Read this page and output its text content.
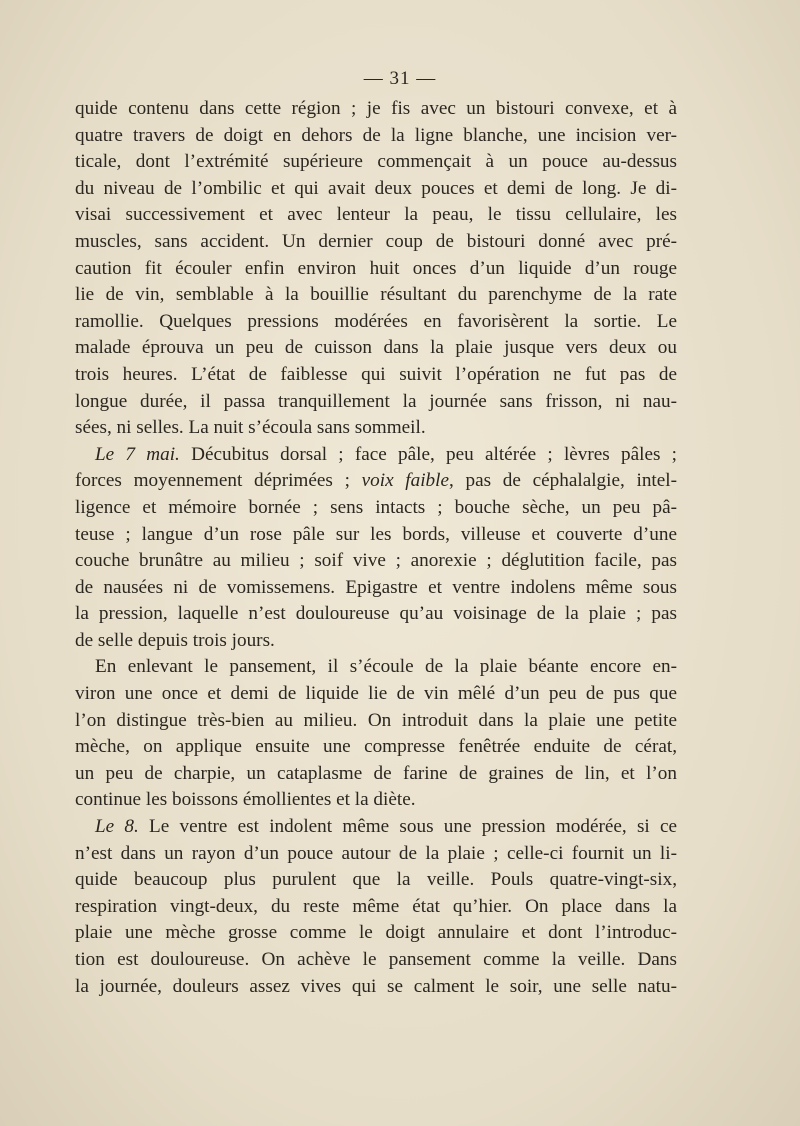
— 31 —
quide contenu dans cette région ; je fis avec un bistouri convexe, et à
quatre travers de doigt en dehors de la ligne blanche, une incision ver-
ticale, dont l’extrémité supérieure commençait à un pouce au-dessus
du niveau de l’ombilic et qui avait deux pouces et demi de long. Je di-
visai successivement et avec lenteur la peau, le tissu cellulaire, les
muscles, sans accident. Un dernier coup de bistouri donné avec pré-
caution fit écouler enfin environ huit onces d’un liquide d’un rouge
lie de vin, semblable à la bouillie résultant du parenchyme de la rate
ramollie. Quelques pressions modérées en favorisèrent la sortie. Le
malade éprouva un peu de cuisson dans la plaie jusque vers deux ou
trois heures. L’état de faiblesse qui suivit l’opération ne fut pas de
longue durée, il passa tranquillement la journée sans frisson, ni nau-
sées, ni selles. La nuit s’écoula sans sommeil.
Le 7 mai. Décubitus dorsal ; face pâle, peu altérée ; lèvres pâles ;
forces moyennement déprimées ; voix faible, pas de céphalalgie, intel-
ligence et mémoire bornée ; sens intacts ; bouche sèche, un peu pâ-
teuse ; langue d’un rose pâle sur les bords, villeuse et couverte d’une
couche brunâtre au milieu ; soif vive ; anorexie ; déglutition facile, pas
de nausées ni de vomissemens. Epigastre et ventre indolens même sous
la pression, laquelle n’est douloureuse qu’au voisinage de la plaie ; pas
de selle depuis trois jours.
En enlevant le pansement, il s’écoule de la plaie béante encore en-
viron une once et demi de liquide lie de vin mêlé d’un peu de pus que
l’on distingue très-bien au milieu. On introduit dans la plaie une petite
mèche, on applique ensuite une compresse fenêtrée enduite de cérat,
un peu de charpie, un cataplasme de farine de graines de lin, et l’on
continue les boissons émollientes et la diète.
Le 8. Le ventre est indolent même sous une pression modérée, si ce
n’est dans un rayon d’un pouce autour de la plaie ; celle-ci fournit un li-
quide beaucoup plus purulent que la veille. Pouls quatre-vingt-six,
respiration vingt-deux, du reste même état qu’hier. On place dans la
plaie une mèche grosse comme le doigt annulaire et dont l’introduc-
tion est douloureuse. On achève le pansement comme la veille. Dans
la journée, douleurs assez vives qui se calment le soir, une selle natu-
